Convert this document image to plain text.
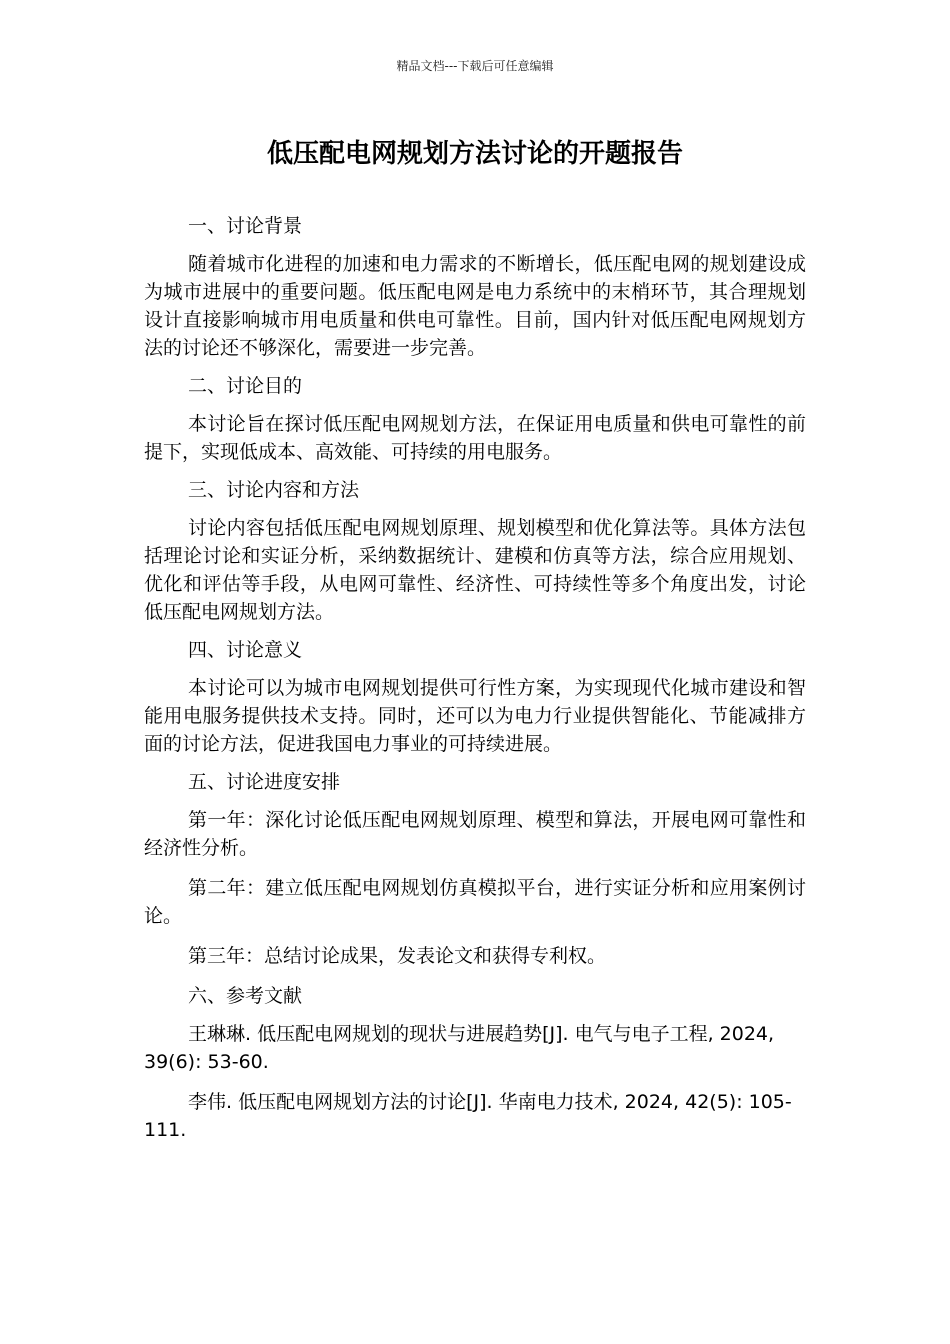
精品文档---下载后可任意编辑
低压配电网规划方法讨论的开题报告
一、讨论背景
随着城市化进程的加速和电力需求的不断增长，低压配电网的规划建设成为城市进展中的重要问题。低压配电网是电力系统中的末梢环节，其合理规划设计直接影响城市用电质量和供电可靠性。目前，国内针对低压配电网规划方法的讨论还不够深化，需要进一步完善。
二、讨论目的
本讨论旨在探讨低压配电网规划方法，在保证用电质量和供电可靠性的前提下，实现低成本、高效能、可持续的用电服务。
三、讨论内容和方法
讨论内容包括低压配电网规划原理、规划模型和优化算法等。具体方法包括理论讨论和实证分析，采纳数据统计、建模和仿真等方法，综合应用规划、优化和评估等手段，从电网可靠性、经济性、可持续性等多个角度出发，讨论低压配电网规划方法。
四、讨论意义
本讨论可以为城市电网规划提供可行性方案，为实现现代化城市建设和智能用电服务提供技术支持。同时，还可以为电力行业提供智能化、节能减排方面的讨论方法，促进我国电力事业的可持续进展。
五、讨论进度安排
第一年：深化讨论低压配电网规划原理、模型和算法，开展电网可靠性和经济性分析。
第二年：建立低压配电网规划仿真模拟平台，进行实证分析和应用案例讨论。
第三年：总结讨论成果，发表论文和获得专利权。
六、参考文献
王琳琳. 低压配电网规划的现状与进展趋势[J]. 电气与电子工程, 2024, 39(6): 53-60.
李伟. 低压配电网规划方法的讨论[J]. 华南电力技术, 2024, 42(5): 105-111.
